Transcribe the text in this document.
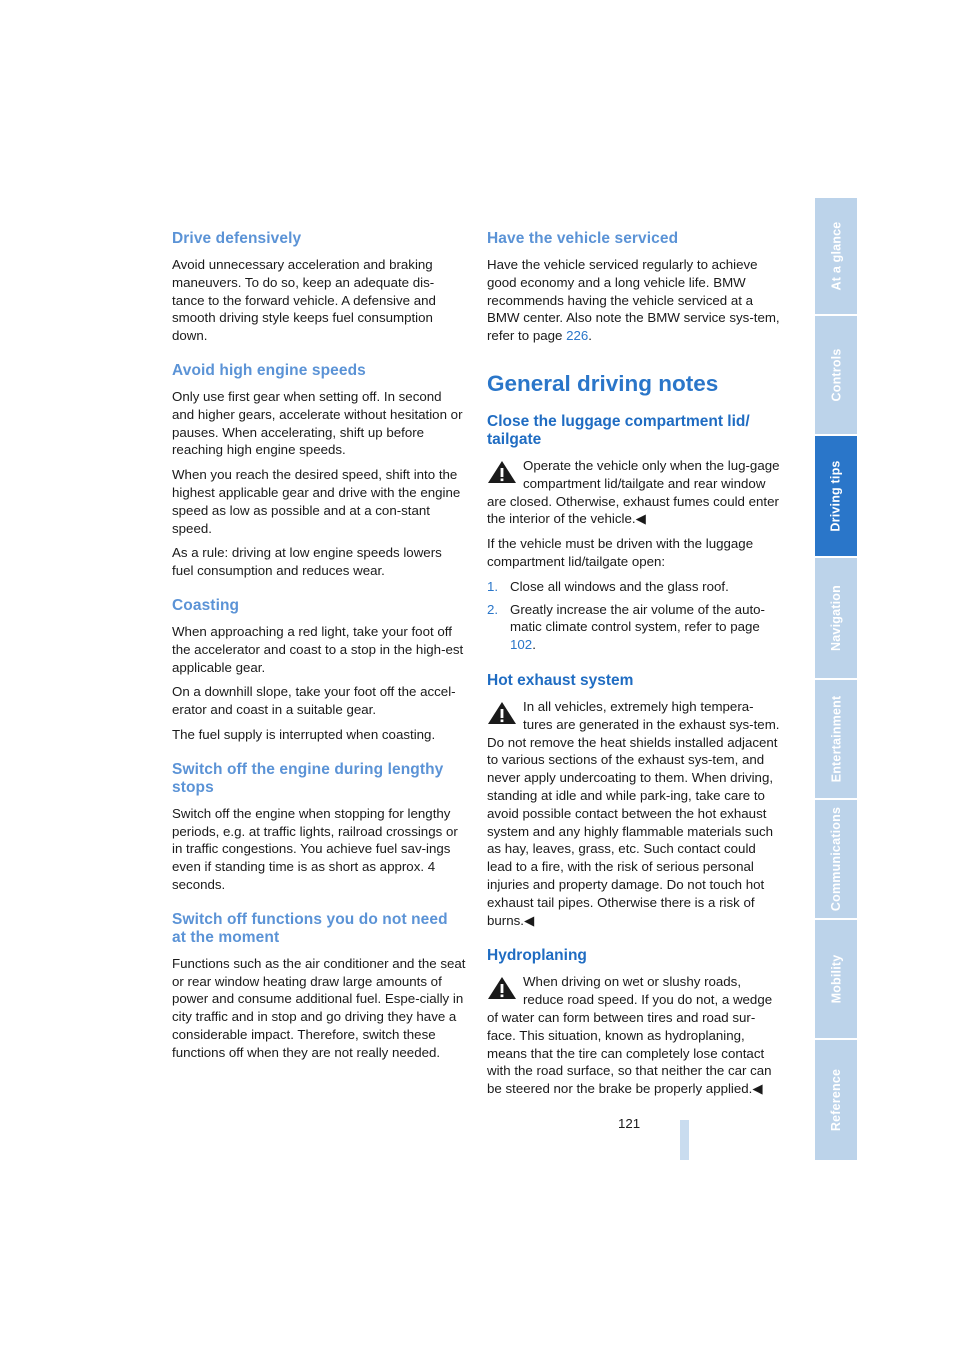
Drive defensively

Avoid unnecessary acceleration and braking maneuvers. To do so, keep an adequate dis-tance to the forward vehicle. A defensive and smooth driving style keeps fuel consumption down.

Avoid high engine speeds

Only use first gear when setting off. In second and higher gears, accelerate without hesitation or pauses. When accelerating, shift up before reaching high engine speeds.

When you reach the desired speed, shift into the highest applicable gear and drive with the engine speed as low as possible and at a con-stant speed.

As a rule: driving at low engine speeds lowers fuel consumption and reduces wear.

Coasting

When approaching a red light, take your foot off the accelerator and coast to a stop in the high-est applicable gear.

On a downhill slope, take your foot off the accel-erator and coast in a suitable gear.

The fuel supply is interrupted when coasting.

Switch off the engine during lengthy stops

Switch off the engine when stopping for lengthy periods, e.g. at traffic lights, railroad crossings or in traffic congestions. You achieve fuel sav-ings even if standing time is as short as approx. 4 seconds.

Switch off functions you do not need at the moment

Functions such as the air conditioner and the seat or rear window heating draw large amounts of power and consume additional fuel. Espe-cially in city traffic and in stop and go driving they have a considerable impact. Therefore, switch these functions off when they are not really needed.

Have the vehicle serviced

Have the vehicle serviced regularly to achieve good economy and a long vehicle life. BMW recommends having the vehicle serviced at a BMW center. Also note the BMW service sys-tem, refer to page 226.

General driving notes
Close the luggage compartment lid/ tailgate

Operate the vehicle only when the lug-gage compartment lid/tailgate and rear window are closed. Otherwise, exhaust fumes could enter the interior of the vehicle.◀

If the vehicle must be driven with the luggage compartment lid/tailgate open:

1. Close all windows and the glass roof.
2. Greatly increase the air volume of the auto-matic climate control system, refer to page 102.
Hot exhaust system

In all vehicles, extremely high tempera-tures are generated in the exhaust sys-tem. Do not remove the heat shields installed adjacent to various sections of the exhaust sys-tem, and never apply undercoating to them. When driving, standing at idle and while park-ing, take care to avoid possible contact between the hot exhaust system and any highly flammable materials such as hay, leaves, grass, etc. Such contact could lead to a fire, with the risk of serious personal injuries and property damage. Do not touch hot exhaust tail pipes. Otherwise there is a risk of burns.◀

Hydroplaning

When driving on wet or slushy roads, reduce road speed. If you do not, a wedge of water can form between tires and road sur-face. This situation, known as hydroplaning, means that the tire can completely lose contact with the road surface, so that neither the car can be steered nor the brake be properly applied.◀

121
At a glance
Controls
Driving tips
Navigation
Entertainment
Communications
Mobility
Reference
